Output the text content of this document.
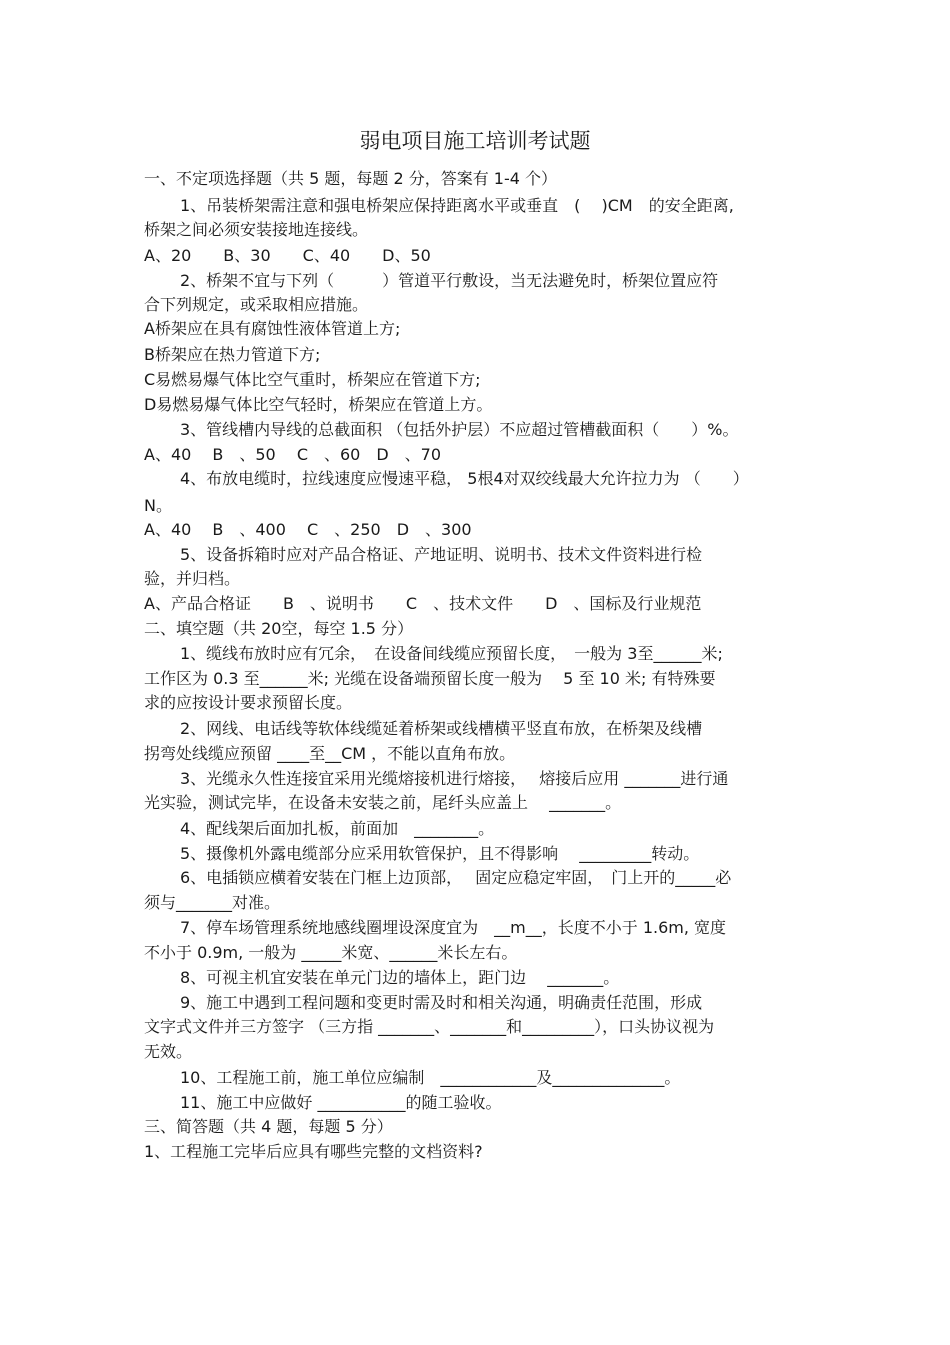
弱电项目施工培训考试题
一、不定项选择题（共 5 题，每题 2 分，答案有 1-4 个）
1、吊装桥架需注意和强电桥架应保持距离水平或垂直　(　 )CM　的安全距离,
桥架之间必须安装接地连接线。
A、20　　B、30　　C、40　　D、50
2、桥架不宜与下列（　　　）管道平行敷设，当无法避免时，桥架位置应符
合下列规定，或采取相应措施。
A桥架应在具有腐蚀性液体管道上方;
B桥架应在热力管道下方;
C易燃易爆气体比空气重时，桥架应在管道下方;
D易燃易爆气体比空气轻时，桥架应在管道上方。
3、管线槽内导线的总截面积 （包括外护层）不应超过管槽截面积（　　）%。
A、40　 B　、50　 C　、60　D　、70
4、布放电缆时，拉线速度应慢速平稳， 5根4对双绞线最大允许拉力为 （　　）
N。
A、40　 B　、400　 C　、250　D　、300
5、设备拆箱时应对产品合格证、产地证明、说明书、技术文件资料进行检
验，并归档。
A、产品合格证　　B　、说明书　　C　、技术文件　　D　、国标及行业规范
二、填空题（共 20空，每空 1.5 分）
1、缆线布放时应有冗余，　在设备间线缆应预留长度，　一般为 3至______米;
工作区为 0.3 至______米; 光缆在设备端预留长度一般为　 5 至 10 米; 有特殊要
求的应按设计要求预留长度。
2、网线、电话线等软体线缆延着桥架或线槽横平竖直布放，在桥架及线槽
拐弯处线缆应预留 ____至__CM ，不能以直角布放。
3、光缆永久性连接宜采用光缆熔接机进行熔接，　 熔接后应用 _______进行通
光实验，测试完毕，在设备未安装之前，尾纤头应盖上　 _______。
4、配线架后面加扎板，前面加　________。
5、摄像机外露电缆部分应采用软管保护，且不得影响　 _________转动。
6、电插锁应横着安装在门框上边顶部，　 固定应稳定牢固，　门上开的_____必
须与_______对准。
7、停车场管理系统地感线圈埋设深度宜为　__m__，长度不小于 1.6m, 宽度
不小于 0.9m, 一般为 _____米宽、______米长左右。
8、可视主机宜安装在单元门边的墙体上，距门边　 _______。
9、施工中遇到工程问题和变更时需及时和相关沟通，明确责任范围，形成
文字式文件并三方签字 （三方指 _______、_______和_________），口头协议视为
无效。
10、工程施工前，施工单位应编制　____________及______________。
11、施工中应做好 ___________的随工验收。
三、简答题（共 4 题，每题 5 分）
1、工程施工完毕后应具有哪些完整的文档资料?
